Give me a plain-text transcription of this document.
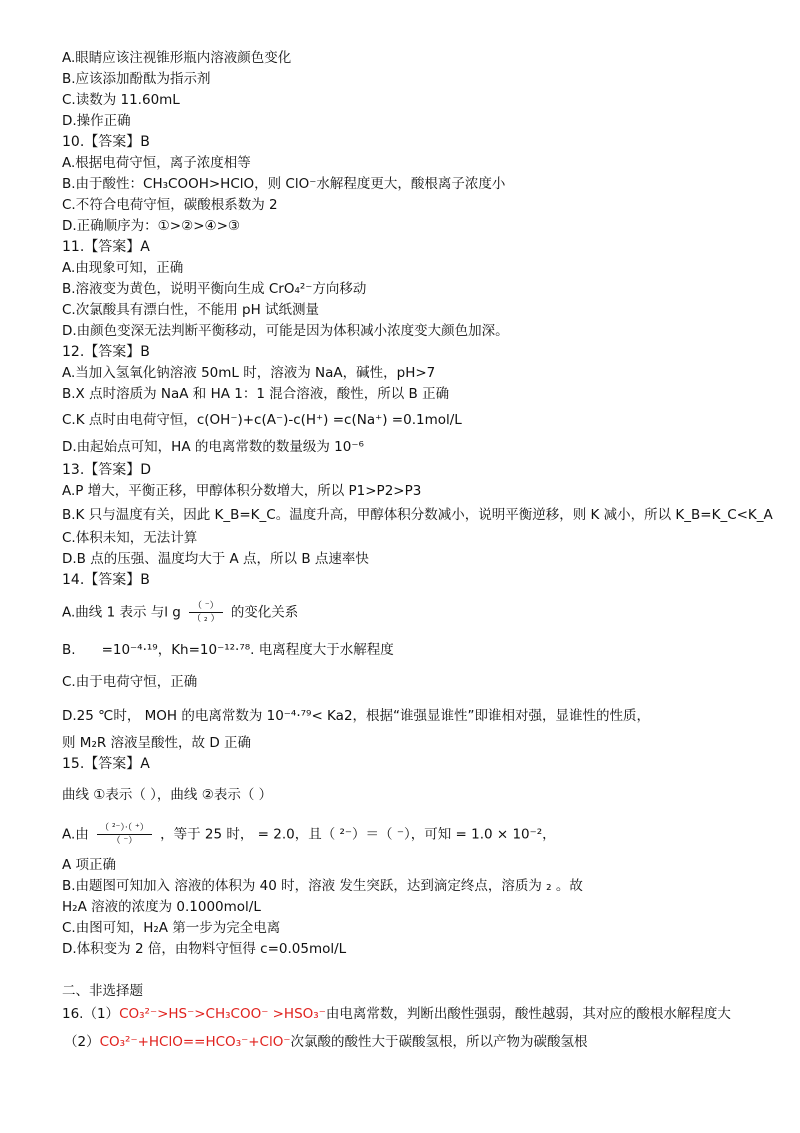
A.眼睛应该注视锥形瓶内溶液颜色变化
B.应该添加酚酞为指示剂
C.读数为 11.60mL
D.操作正确
10.【答案】B
A.根据电荷守恒，离子浓度相等
B.由于酸性：CH₃COOH>HClO，则 ClO⁻水解程度更大，酸根离子浓度小
C.不符合电荷守恒，碳酸根系数为 2
D.正确顺序为：①>②>④>③
11.【答案】A
A.由现象可知，正确
B.溶液变为黄色，说明平衡向生成 CrO₄²⁻方向移动
C.次氯酸具有漂白性，不能用 pH 试纸测量
D.由颜色变深无法判断平衡移动，可能是因为体积减小浓度变大颜色加深。
12.【答案】B
A.当加入氢氧化钠溶液 50mL 时，溶液为 NaA，碱性，pH>7
B.X 点时溶质为 NaA 和 HA 1：1 混合溶液，酸性，所以 B 正确
C.K 点时由电荷守恒，c(OH⁻)+c(A⁻)-c(H⁺) =c(Na⁺) =0.1mol/L
D.由起始点可知，HA 的电离常数的数量级为 10⁻⁶
13.【答案】D
A.P 增大，平衡正移，甲醇体积分数增大，所以 P1>P2>P3
B.K 只与温度有关，因此 K_B=K_C。温度升高，甲醇体积分数减小，说明平衡逆移，则 K 减小，所以 K_B=K_C<K_A
C.体积未知，无法计算
D.B 点的压强、温度均大于 A 点，所以 B 点速率快
14.【答案】B
A.曲线 1 表示 与l g $\frac{( ^-)}{\text{（ ₂ ）}}$ 的变化关系
B. =10⁻⁴·¹⁹，Kh=10⁻¹²·⁷⁸. 电离程度大于水解程度
C.由于电荷守恒，正确
D.25 ℃时， MOH 的电离常数为 10⁻⁴·⁷⁹< Ka2，根据“谁强显谁性”即谁相对强，显谁性的性质，
则 M₂R 溶液呈酸性，故 D 正确
15.【答案】A
曲线 ①表示（ ），曲线 ②表示（ ）
A.由 $\frac{\text{（ ²⁻）·（ ⁺）}}{( ^-)}$ ，等于 25 时， = 2.0，且（ ²⁻）＝（ ⁻），可知 = 1.0 × 10⁻²，
A 项正确
B.由题图可知加入 溶液的体积为 40 时，溶液 发生突跃，达到滴定终点，溶质为 ₂ 。故
H₂A 溶液的浓度为 0.1000mol/L
C.由图可知，H₂A 第一步为完全电离
D.体积变为 2 倍，由物料守恒得 c=0.05mol/L
二、非选择题
16.（1）CO₃²⁻>HS⁻>CH₃COO⁻ >HSO₃⁻由电离常数，判断出酸性强弱，酸性越弱，其对应的酸根水解程度大
（2）CO₃²⁻+HClO==HCO₃⁻+ClO⁻次氯酸的酸性大于碳酸氢根，所以产物为碳酸氢根
